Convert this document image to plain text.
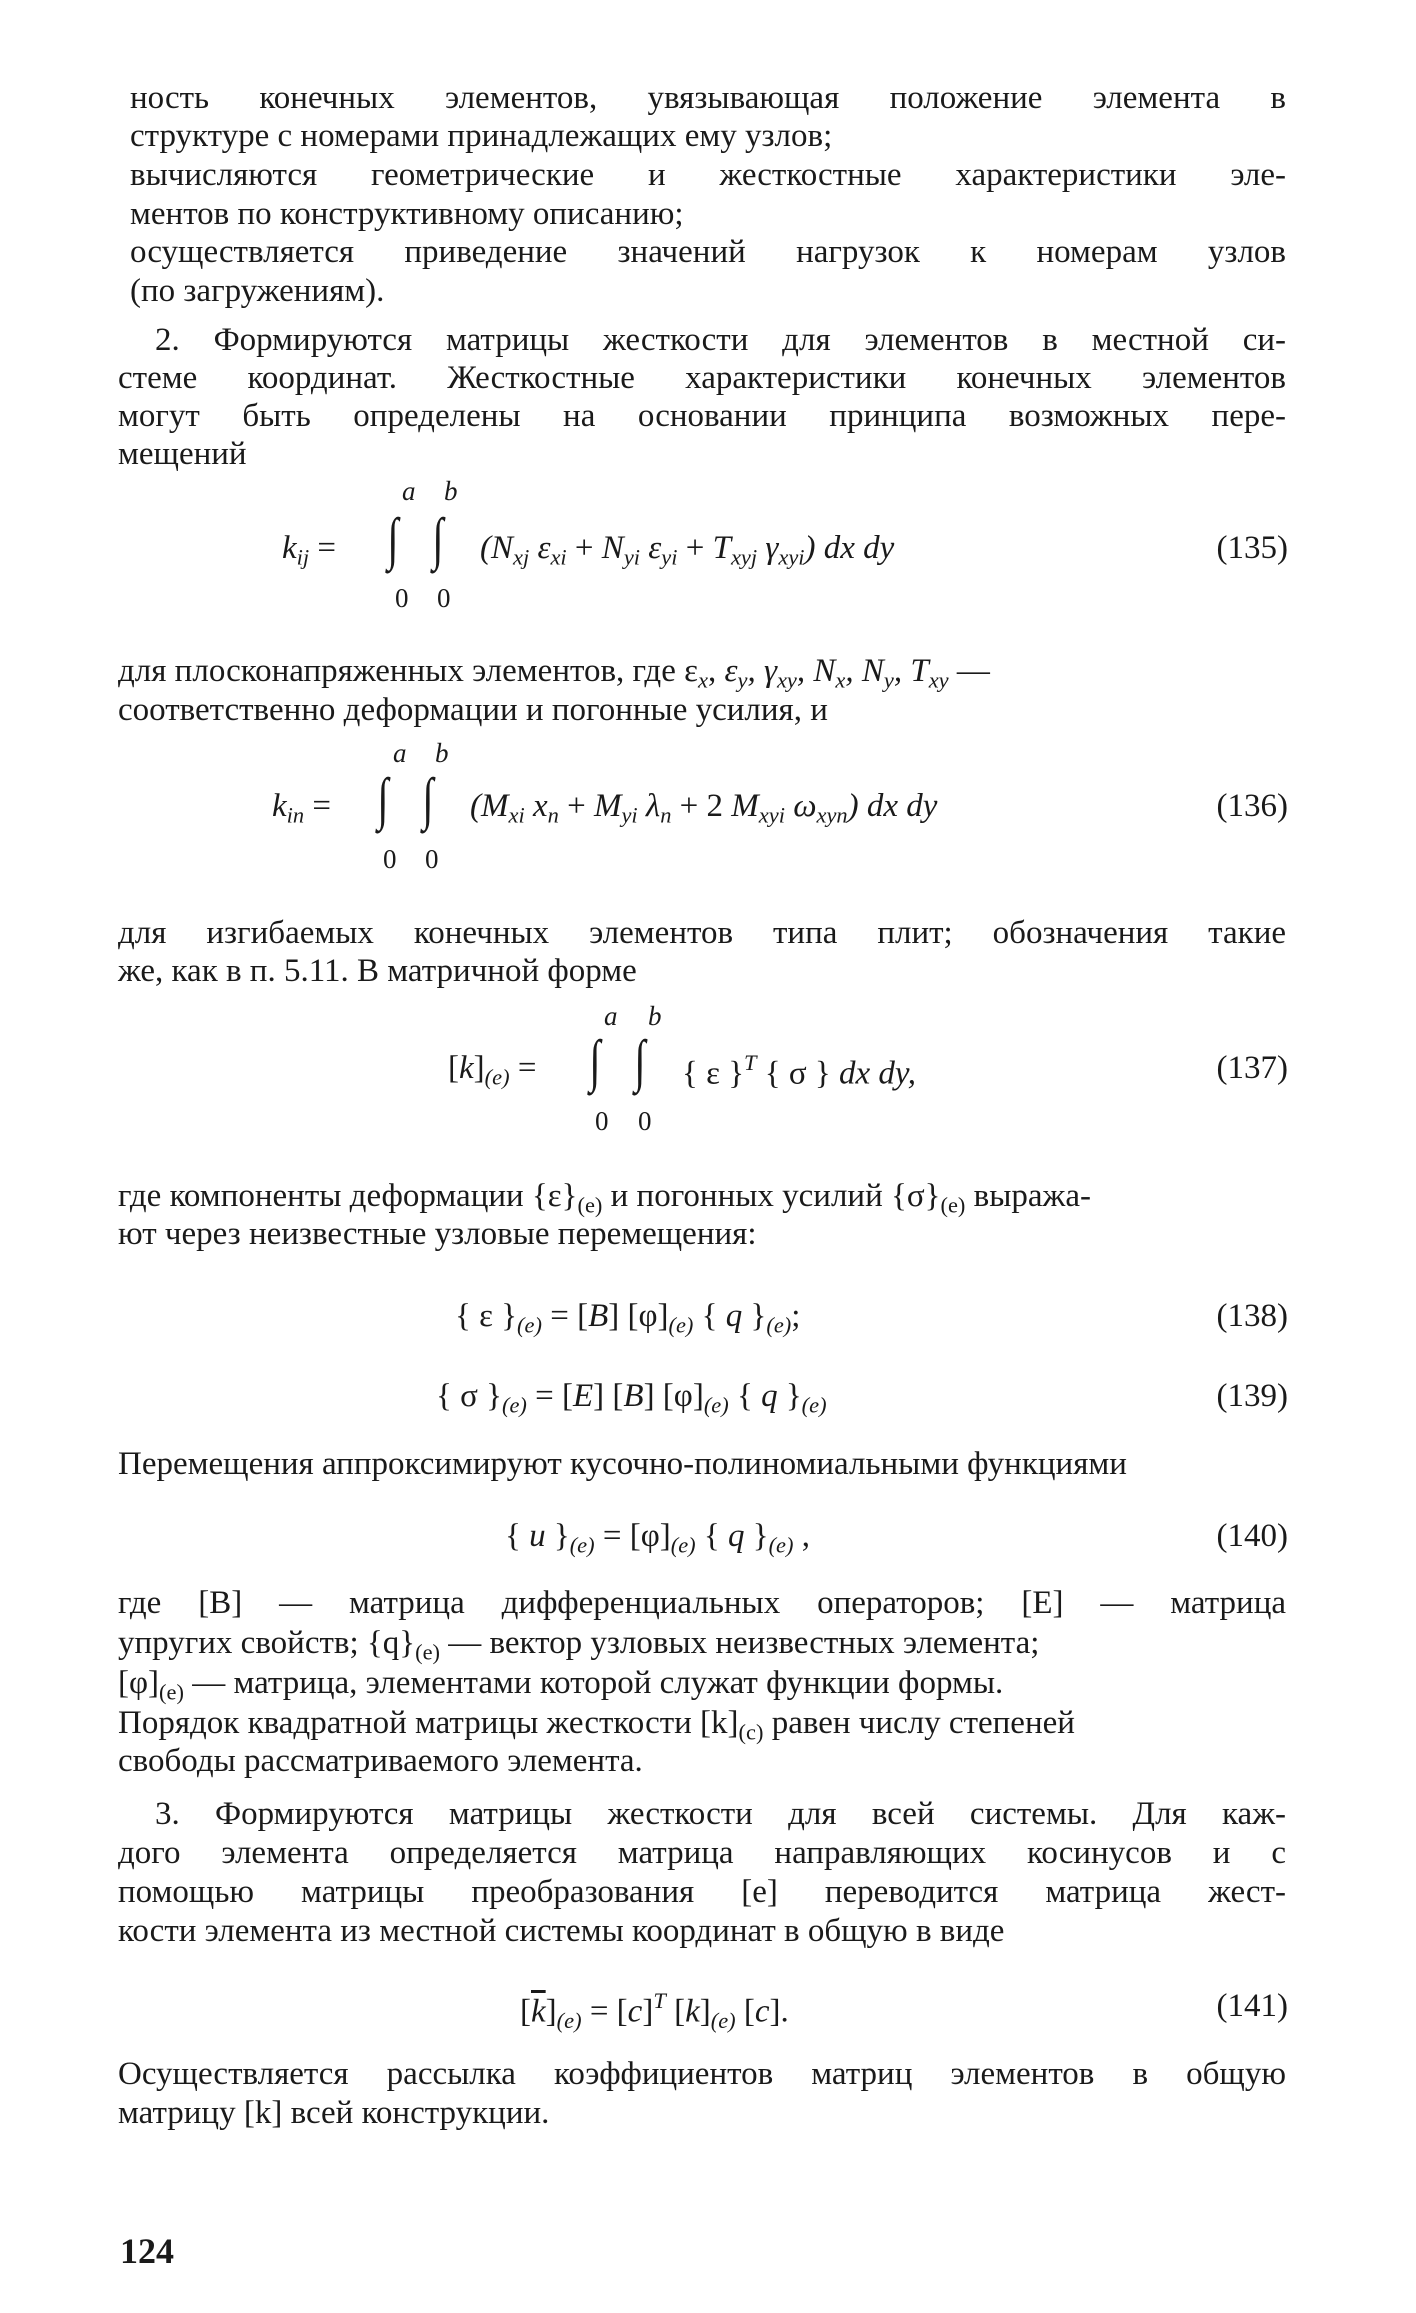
ность конечных элементов, увязывающая положение элемента в
структуре с номерами принадлежащих ему узлов;
вычисляются геометрические и жесткостные характеристики эле-
ментов по конструктивному описанию;
осуществляется приведение значений нагрузок к номерам узлов
(по загружениям).
2. Формируются матрицы жесткости для элементов в местной си-
стеме координат. Жесткостные характеристики конечных элементов
могут быть определены на основании принципа возможных пере-
мещений
a b
$k_{ij}$ = ∫ ∫ ($N_{xj}$ $\varepsilon_{xi} + N_{yi}$ $\varepsilon_{yi} + T_{xyj}$ $\gamma_{xyi}$) dx dy
0 0
(135)
для плосконапряженных элементов, где $\varepsilon_x$, $\varepsilon_y$, $\gamma_{xy}$, $N_x$, $N_y$, $T_{xy}$ —
соответственно деформации и погонные усилия, и
a b
$k_{in}$ = ∫ ∫ ($M_{xi}$ $x_n + M_{yi}$ $\lambda_n + 2$ $M_{xyi}$ $\omega_{xyn}$) dx dy
0 0
(136)
для изгибаемых конечных элементов типа плит; обозначения такие
же, как в п. 5.11. В матричной форме
a b
$[k]_{(e)}$ = ∫ ∫ { ε }$^T$ { σ } dx dy,
0 0
(137)
где компоненты деформации $\{\varepsilon\}_{(e)}$ и погонных усилий $\{\sigma\}_{(e)}$ выража-
ют через неизвестные узловые перемещения:
{ ε }$_{(e)} = [B]$ $[\varphi]_{(e)}$ { q }$_{(e)}$;	(138)
{ σ }$_{(e)} = [E]$ [B] $[\varphi]_{(e)}$ { q }$_{(e)}$	(139)
Перемещения аппроксимируют кусочно-полиномиальными функциями
{ u }$_{(e)} = [\varphi]_{(e)}$ { q }$_{(e)}$ ,	(140)
где [B] — матрица дифференциальных операторов; [E] — матрица
упругих свойств; $\{q\}_{(e)}$ — вектор узловых неизвестных элемента;
$[\varphi]_{(e)}$ — матрица, элементами которой служат функции формы.
Порядок квадратной матрицы жесткости $[k]_{(c)}$ равен числу степеней
свободы рассматриваемого элемента.
3. Формируются матрицы жесткости для всей системы. Для каж-
дого элемента определяется матрица направляющих косинусов и с
помощью матрицы преобразования [e] переводится матрица жест-
кости элемента из местной системы координат в общую в виде
$[\overline{k}]_{(e)} = [c]^T$ $[k]_{(e)}$ [c].	(141)
Осуществляется рассылка коэффициентов матриц элементов в общую
матрицу [k] всей конструкции.
124
